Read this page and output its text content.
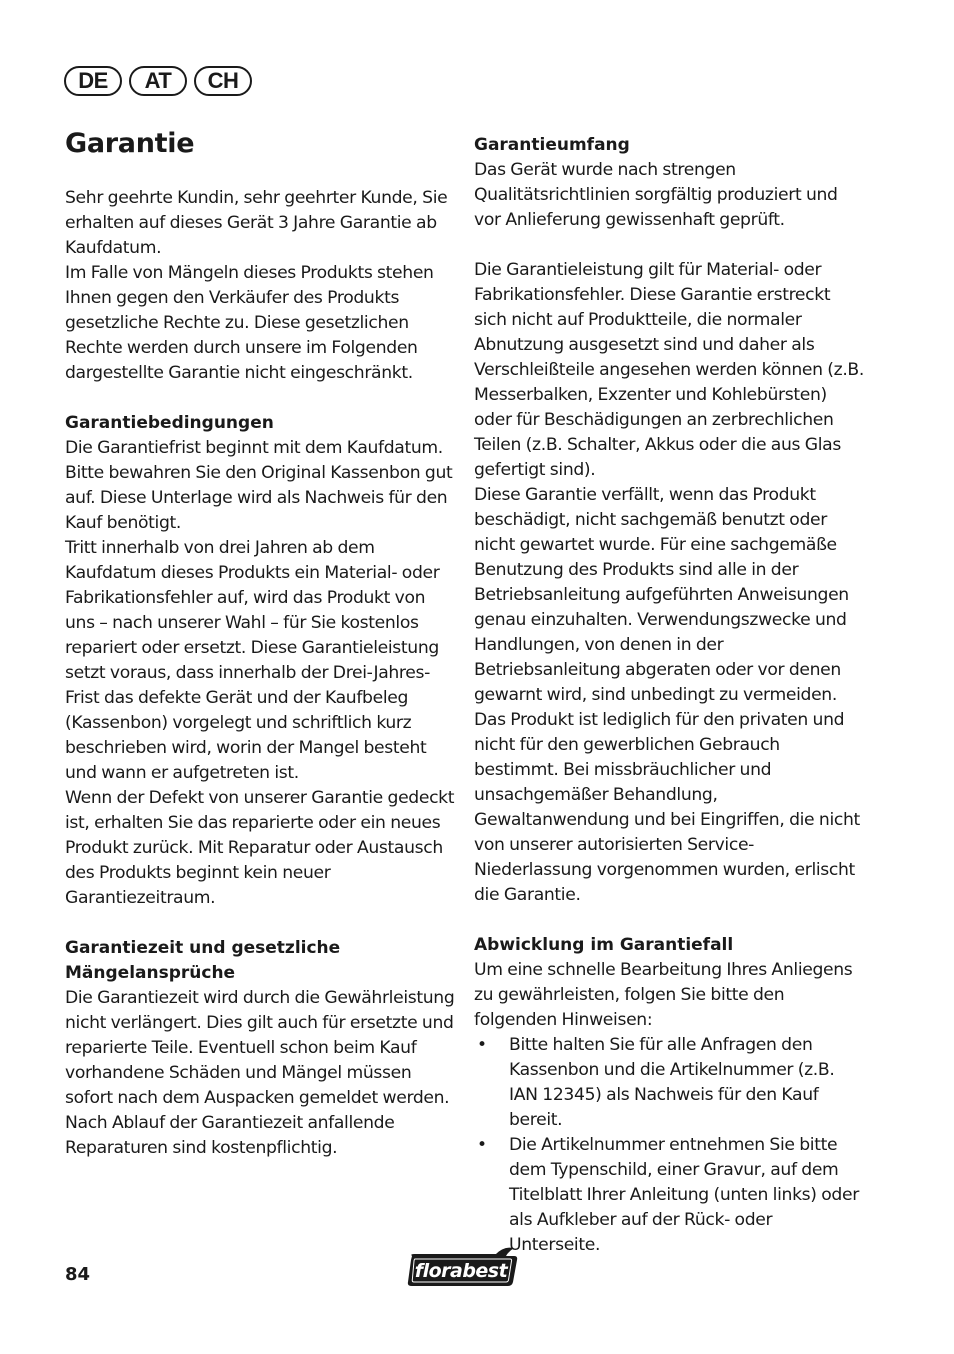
DE	AT	CH
Garantie

Sehr geehrte Kundin, sehr geehrter Kunde, Sie erhalten auf dieses Gerät 3 Jahre Garantie ab Kaufdatum.

Im Falle von Mängeln dieses Produkts stehen Ihnen gegen den Verkäufer des Produkts gesetzliche Rechte zu. Diese gesetzlichen Rechte werden durch unsere im Folgenden dargestellte Garantie nicht eingeschränkt.

Garantiebedingungen

Die Garantiefrist beginnt mit dem Kaufdatum. Bitte bewahren Sie den Original Kassenbon gut auf. Diese Unterlage wird als Nachweis für den Kauf benötigt.

Tritt innerhalb von drei Jahren ab dem Kaufdatum dieses Produkts ein Material- oder Fabrikationsfehler auf, wird das Produkt von uns – nach unserer Wahl – für Sie kostenlos repariert oder ersetzt. Diese Garantieleistung setzt voraus, dass innerhalb der Drei-Jahres-Frist das defekte Gerät und der Kaufbeleg (Kassenbon) vorgelegt und schriftlich kurz beschrieben wird, worin der Mangel besteht und wann er aufgetreten ist.

Wenn der Defekt von unserer Garantie gedeckt ist, erhalten Sie das reparierte oder ein neues Produkt zurück. Mit Reparatur oder Austausch des Produkts beginnt kein neuer Garantiezeitraum.

Garantiezeit und gesetzliche
Mängelansprüche

Die Garantiezeit wird durch die Gewährleistung nicht verlängert. Dies gilt auch für ersetzte und reparierte Teile. Eventuell schon beim Kauf vorhandene Schäden und Mängel müssen sofort nach dem Auspacken gemeldet werden. Nach Ablauf der Garantiezeit anfallende Reparaturen sind kostenpflichtig.

Garantieumfang

Das Gerät wurde nach strengen Qualitätsrichtlinien sorgfältig produziert und vor Anlieferung gewissenhaft geprüft.

Die Garantieleistung gilt für Material- oder Fabrikationsfehler. Diese Garantie erstreckt sich nicht auf Produktteile, die normaler Abnutzung ausgesetzt sind und daher als Verschleißteile angesehen werden können (z.B. Messerbalken, Exzenter und Kohlebürsten) oder für Beschädigungen an zerbrechlichen Teilen (z.B. Schalter, Akkus oder die aus Glas gefertigt sind).

Diese Garantie verfällt, wenn das Produkt beschädigt, nicht sachgemäß benutzt oder nicht gewartet wurde. Für eine sachgemäße Benutzung des Produkts sind alle in der Betriebsanleitung aufgeführten Anweisungen genau einzuhalten. Verwendungszwecke und Handlungen, von denen in der Betriebsanleitung abgeraten oder vor denen gewarnt wird, sind unbedingt zu vermeiden.

Das Produkt ist lediglich für den privaten und nicht für den gewerblichen Gebrauch bestimmt. Bei missbräuchlicher und unsachgemäßer Behandlung, Gewaltanwendung und bei Eingriffen, die nicht von unserer autorisierten Service-Niederlassung vorgenommen wurden, erlischt die Garantie.

Abwicklung im Garantiefall

Um eine schnelle Bearbeitung Ihres Anliegens zu gewährleisten, folgen Sie bitte den folgenden Hinweisen:

• Bitte halten Sie für alle Anfragen den Kassenbon und die Artikelnummer (z.B. IAN 12345) als Nachweis für den Kauf bereit.

• Die Artikelnummer entnehmen Sie bitte dem Typenschild, einer Gravur, auf dem Titelblatt Ihrer Anleitung (unten links) oder als Aufkleber auf der Rück- oder Unterseite.

84	florabest
